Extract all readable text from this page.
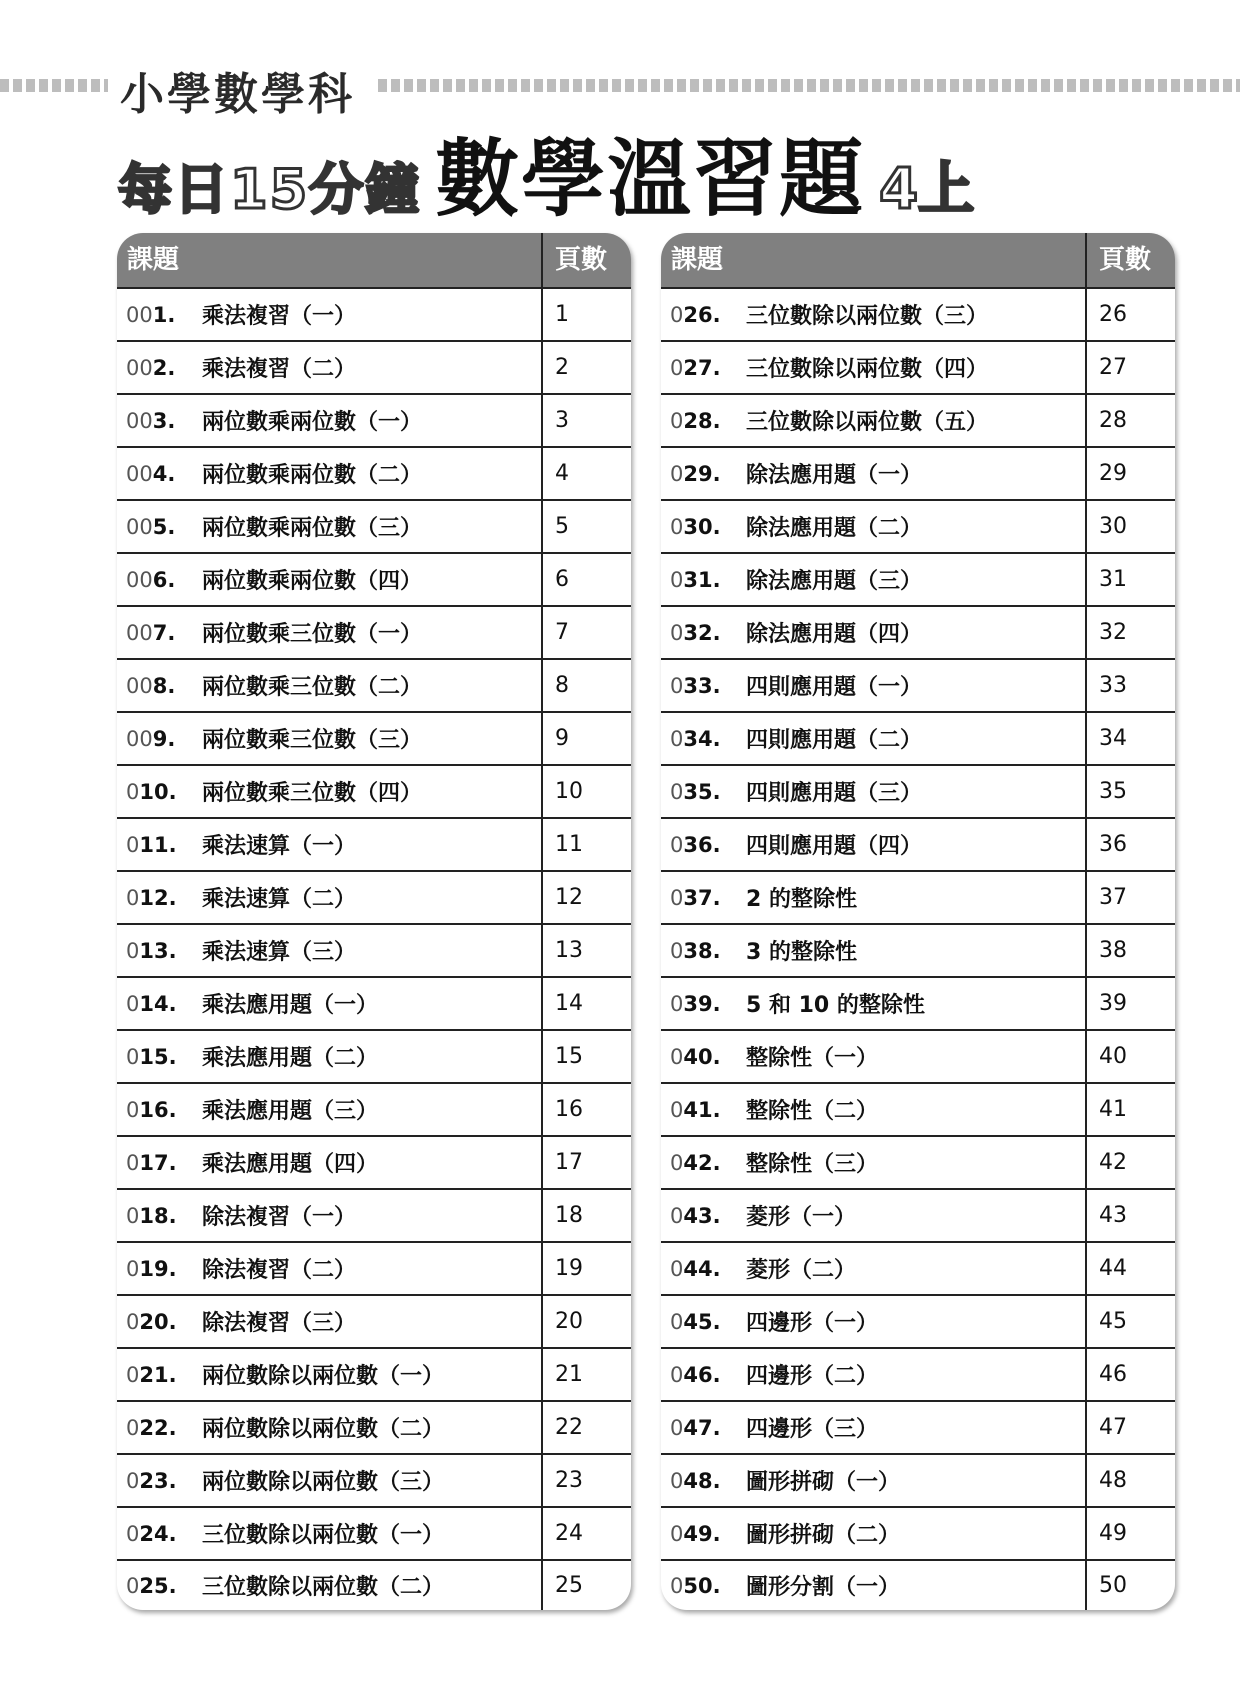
小學數學科
每日15分鐘 數學溫習題 4上
課題	頁數
001.	乘法複習（一）	1
002.	乘法複習（二）	2
003.	兩位數乘兩位數（一）	3
004.	兩位數乘兩位數（二）	4
005.	兩位數乘兩位數（三）	5
006.	兩位數乘兩位數（四）	6
007.	兩位數乘三位數（一）	7
008.	兩位數乘三位數（二）	8
009.	兩位數乘三位數（三）	9
010.	兩位數乘三位數（四）	10
011.	乘法速算（一）	11
012.	乘法速算（二）	12
013.	乘法速算（三）	13
014.	乘法應用題（一）	14
015.	乘法應用題（二）	15
016.	乘法應用題（三）	16
017.	乘法應用題（四）	17
018.	除法複習（一）	18
019.	除法複習（二）	19
020.	除法複習（三）	20
021.	兩位數除以兩位數（一）	21
022.	兩位數除以兩位數（二）	22
023.	兩位數除以兩位數（三）	23
024.	三位數除以兩位數（一）	24
025.	三位數除以兩位數（二）	25
課題	頁數
026.	三位數除以兩位數（三）	26
027.	三位數除以兩位數（四）	27
028.	三位數除以兩位數（五）	28
029.	除法應用題（一）	29
030.	除法應用題（二）	30
031.	除法應用題（三）	31
032.	除法應用題（四）	32
033.	四則應用題（一）	33
034.	四則應用題（二）	34
035.	四則應用題（三）	35
036.	四則應用題（四）	36
037.	2 的整除性	37
038.	3 的整除性	38
039.	5 和 10 的整除性	39
040.	整除性（一）	40
041.	整除性（二）	41
042.	整除性（三）	42
043.	菱形（一）	43
044.	菱形（二）	44
045.	四邊形（一）	45
046.	四邊形（二）	46
047.	四邊形（三）	47
048.	圖形拼砌（一）	48
049.	圖形拼砌（二）	49
050.	圖形分割（一）	50
